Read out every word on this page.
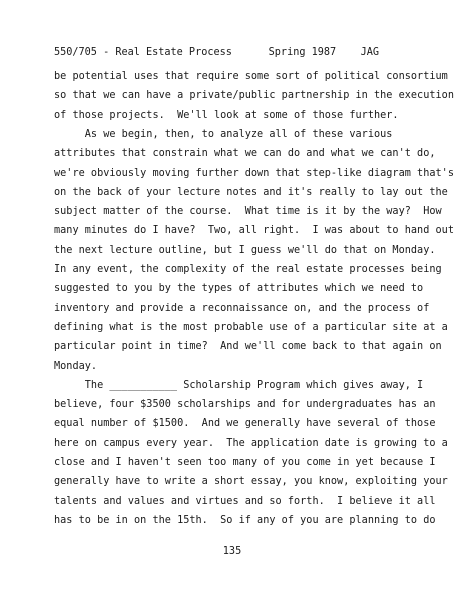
550/705 - Real Estate Process      Spring 1987    JAG
be potential uses that require some sort of political consortium
so that we can have a private/public partnership in the execution
of those projects.  We'll look at some of those further.
As we begin, then, to analyze all of these various
attributes that constrain what we can do and what we can't do,
we're obviously moving further down that step-like diagram that's
on the back of your lecture notes and it's really to lay out the
subject matter of the course.  What time is it by the way?  How
many minutes do I have?  Two, all right.  I was about to hand out
the next lecture outline, but I guess we'll do that on Monday.
In any event, the complexity of the real estate processes being
suggested to you by the types of attributes which we need to
inventory and provide a reconnaissance on, and the process of
defining what is the most probable use of a particular site at a
particular point in time?  And we'll come back to that again on
Monday.
The ___________ Scholarship Program which gives away, I
believe, four $3500 scholarships and for undergraduates has an
equal number of $1500.  And we generally have several of those
here on campus every year.  The application date is growing to a
close and I haven't seen too many of you come in yet because I
generally have to write a short essay, you know, exploiting your
talents and values and virtues and so forth.  I believe it all
has to be in on the 15th.  So if any of you are planning to do
135
